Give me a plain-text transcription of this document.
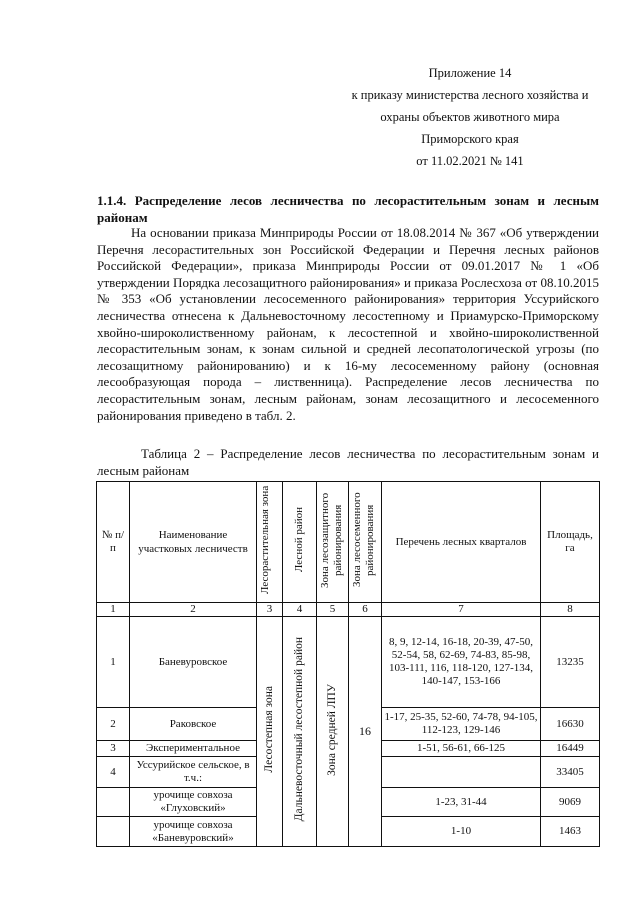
Приложение 14
к приказу министерства лесного хозяйства и
охраны объектов животного мира
Приморского края
от 11.02.2021 № 141
1.1.4. Распределение лесов лесничества по лесорастительным зонам и лесным районам
На основании приказа Минприроды России от 18.08.2014 № 367 «Об утверждении Перечня лесорастительных зон Российской Федерации и Перечня лесных районов Российской Федерации», приказа Минприроды России от 09.01.2017 № 1 «Об утверждении Порядка лесозащитного районирования» и приказа Рослесхоза от 08.10.2015 № 353 «Об установлении лесосеменного районирования» территория Уссурийского лесничества отнесена к Дальневосточному лесостепному и Приамурско-Приморскому хвойно-широколиственному районам, к лесостепной и хвойно-широколиственной лесорастительным зонам, к зонам сильной и средней лесопатологической угрозы (по лесозащитному районированию) и к 16-му лесосеменному району (основная лесообразующая порода – лиственница). Распределение лесов лесничества по лесорастительным зонам, лесным районам, зонам лесозащитного и лесосеменного районирования приведено в табл. 2.
Таблица 2 – Распределение лесов лесничества по лесорастительным зонам и лесным районам
№ п/п	Наименование участковых лесничеств	Лесорастительная зона	Лесной район	Зона лесозащитного районирования	Зона лесосеменного районирования	Перечень лесных кварталов	Площадь, га
1	2	3	4	5	6	7	8
1	Баневуровское	Лесостепная зона	Дальневосточный лесостепной район	Зона средней ЛПУ	16	8, 9, 12-14, 16-18, 20-39, 47-50, 52-54, 58, 62-69, 74-83, 85-98, 103-111, 116, 118-120, 127-134, 140-147, 153-166	13235
2	Раковское					1-17, 25-35, 52-60, 74-78, 94-105, 112-123, 129-146	16630
3	Экспериментальное					1-51, 56-61, 66-125	16449
4	Уссурийское сельское, в т.ч.:						33405
	урочище совхоза «Глуховский»					1-23, 31-44	9069
	урочище совхоза «Баневуровский»					1-10	1463
